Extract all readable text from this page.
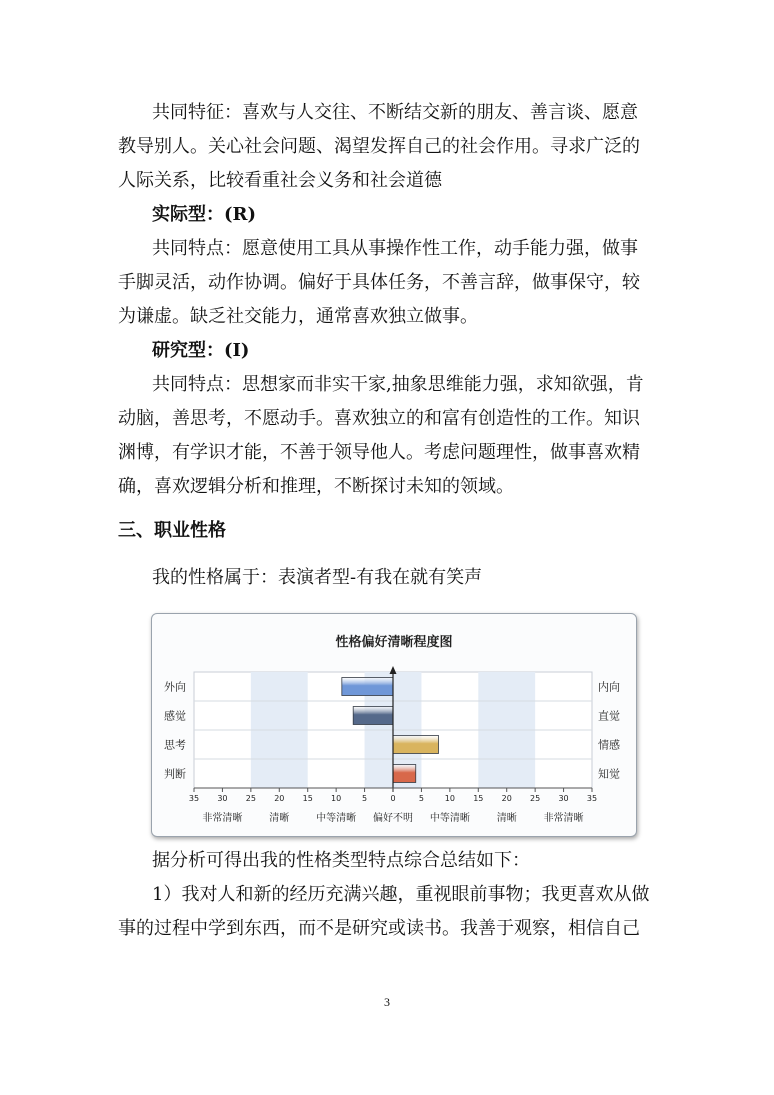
共同特征：喜欢与人交往、不断结交新的朋友、善言谈、愿意
教导别人。关心社会问题、渴望发挥自己的社会作用。寻求广泛的
人际关系，比较看重社会义务和社会道德
实际型：(R)
共同特点：愿意使用工具从事操作性工作，动手能力强，做事
手脚灵活，动作协调。偏好于具体任务，不善言辞，做事保守，较
为谦虚。缺乏社交能力，通常喜欢独立做事。
研究型：(I)
共同特点：思想家而非实干家,抽象思维能力强，求知欲强，肯
动脑，善思考，不愿动手。喜欢独立的和富有创造性的工作。知识
渊博，有学识才能，不善于领导他人。考虑问题理性，做事喜欢精
确，喜欢逻辑分析和推理，不断探讨未知的领域。
三、职业性格
我的性格属于：表演者型-有我在就有笑声
性格偏好清晰程度图
外向
感觉
思考
判断
内向
直觉
情感
知觉
35 30 25 20 15 10	5	0	5	10 15 20 25 30 35
非常清晰	清晰	中等清晰 偏好不明 中等清晰	清晰	非常清晰
据分析可得出我的性格类型特点综合总结如下：
1）我对人和新的经历充满兴趣，重视眼前事物；我更喜欢从做
事的过程中学到东西，而不是研究或读书。我善于观察，相信自己
3
